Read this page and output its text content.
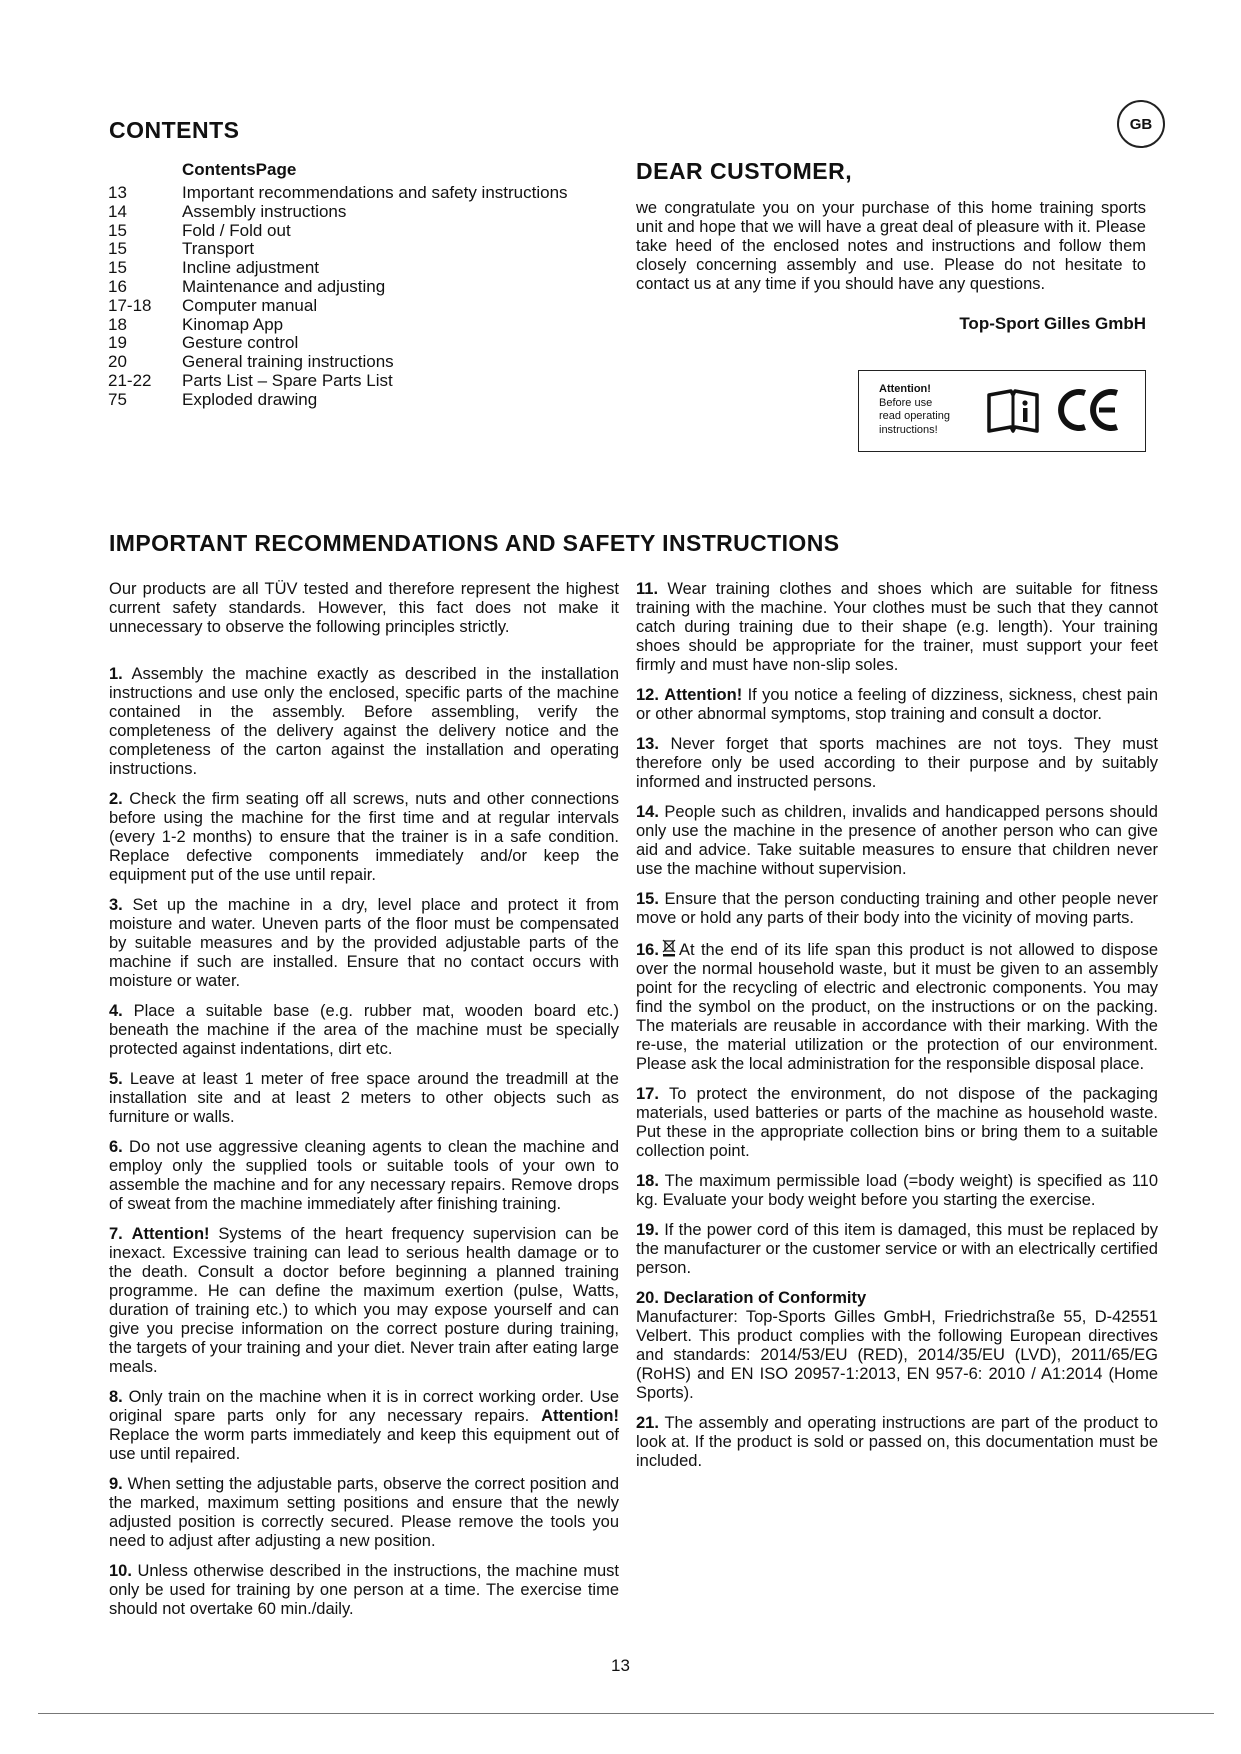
CONTENTS	GB
ContentsPage
13	Important recommendations and safety instructions
14	Assembly instructions
15	Fold / Fold out
15	Transport
15	Incline adjustment
16	Maintenance and adjusting
17-18	Computer manual
18	Kinomap App
19	Gesture control
20	General training instructions
21-22	Parts List – Spare Parts List
75	Exploded drawing
DEAR CUSTOMER,

we congratulate you on your purchase of this home training sports unit and hope that we will have a great deal of pleasure with it. Please take heed of the enclosed notes and instructions and follow them closely concerning assembly and use. Please do not hesitate to contact us at any time if you should have any questions.

Top-Sport Gilles GmbH
Attention!
Before use
read operating
instructions!
IMPORTANT RECOMMENDATIONS AND SAFETY INSTRUCTIONS

Our products are all TÜV tested and therefore represent the highest current safety standards. However, this fact does not make it unnecessary to observe the following principles strictly.

1. Assembly the machine exactly as described in the installation instructions and use only the enclosed, specific parts of the machine contained in the assembly. Before assembling, verify the completeness of the delivery against the delivery notice and the completeness of the carton against the installation and operating instructions.

2. Check the firm seating off all screws, nuts and other connections before using the machine for the first time and at regular intervals (every 1-2 months) to ensure that the trainer is in a safe condition. Replace defective components immediately and/or keep the equipment put of the use until repair.

3. Set up the machine in a dry, level place and protect it from moisture and water. Uneven parts of the floor must be compensated by suitable measures and by the provided adjustable parts of the machine if such are installed. Ensure that no contact occurs with moisture or water.

4. Place a suitable base (e.g. rubber mat, wooden board etc.) beneath the machine if the area of the machine must be specially protected against indentations, dirt etc.

5. Leave at least 1 meter of free space around the treadmill at the installation site and at least 2 meters to other objects such as furniture or walls.

6. Do not use aggressive cleaning agents to clean the machine and employ only the supplied tools or suitable tools of your own to assemble the machine and for any necessary repairs. Remove drops of sweat from the machine immediately after finishing training.

7. Attention! Systems of the heart frequency supervision can be inexact. Excessive training can lead to serious health damage or to the death. Consult a doctor before beginning a planned training programme. He can define the maximum exertion (pulse, Watts, duration of training etc.) to which you may expose yourself and can give you precise information on the correct posture during training, the targets of your training and your diet. Never train after eating large meals.

8. Only train on the machine when it is in correct working order. Use original spare parts only for any necessary repairs. Attention! Replace the worm parts immediately and keep this equipment out of use until repaired.

9. When setting the adjustable parts, observe the correct position and the marked, maximum setting positions and ensure that the newly adjusted position is correctly secured. Please remove the tools you need to adjust after adjusting a new position.

10. Unless otherwise described in the instructions, the machine must only be used for training by one person at a time. The exercise time should not overtake 60 min./daily.

11. Wear training clothes and shoes which are suitable for fitness training with the machine. Your clothes must be such that they cannot catch during training due to their shape (e.g. length). Your training shoes should be appropriate for the trainer, must support your feet firmly and must have non-slip soles.

12. Attention! If you notice a feeling of dizziness, sickness, chest pain or other abnormal symptoms, stop training and consult a doctor.

13. Never forget that sports machines are not toys. They must therefore only be used according to their purpose and by suitably informed and instructed persons.

14. People such as children, invalids and handicapped persons should only use the machine in the presence of another person who can give aid and advice. Take suitable measures to ensure that children never use the machine without supervision.

15. Ensure that the person conducting training and other people never move or hold any parts of their body into the vicinity of moving parts.

16. At the end of its life span this product is not allowed to dispose over the normal household waste, but it must be given to an assembly point for the recycling of electric and electronic components. You may find the symbol on the product, on the instructions or on the packing. The materials are reusable in accordance with their marking. With the re-use, the material utilization or the protection of our environment. Please ask the local administration for the responsible disposal place.

17. To protect the environment, do not dispose of the packaging materials, used batteries or parts of the machine as household waste. Put these in the appropriate collection bins or bring them to a suitable collection point.

18. The maximum permissible load (=body weight) is specified as 110 kg. Evaluate your body weight before you starting the exercise.

19. If the power cord of this item is damaged, this must be replaced by the manufacturer or the customer service or with an electrically certified person.

20. Declaration of Conformity
Manufacturer: Top-Sports Gilles GmbH, Friedrichstraße 55, D-42551 Velbert. This product complies with the following European directives and standards: 2014/53/EU (RED), 2014/35/EU (LVD), 2011/65/EG (RoHS) and EN ISO 20957-1:2013, EN 957-6: 2010 / A1:2014 (Home Sports).

21. The assembly and operating instructions are part of the product to look at. If the product is sold or passed on, this documentation must be included.

13
